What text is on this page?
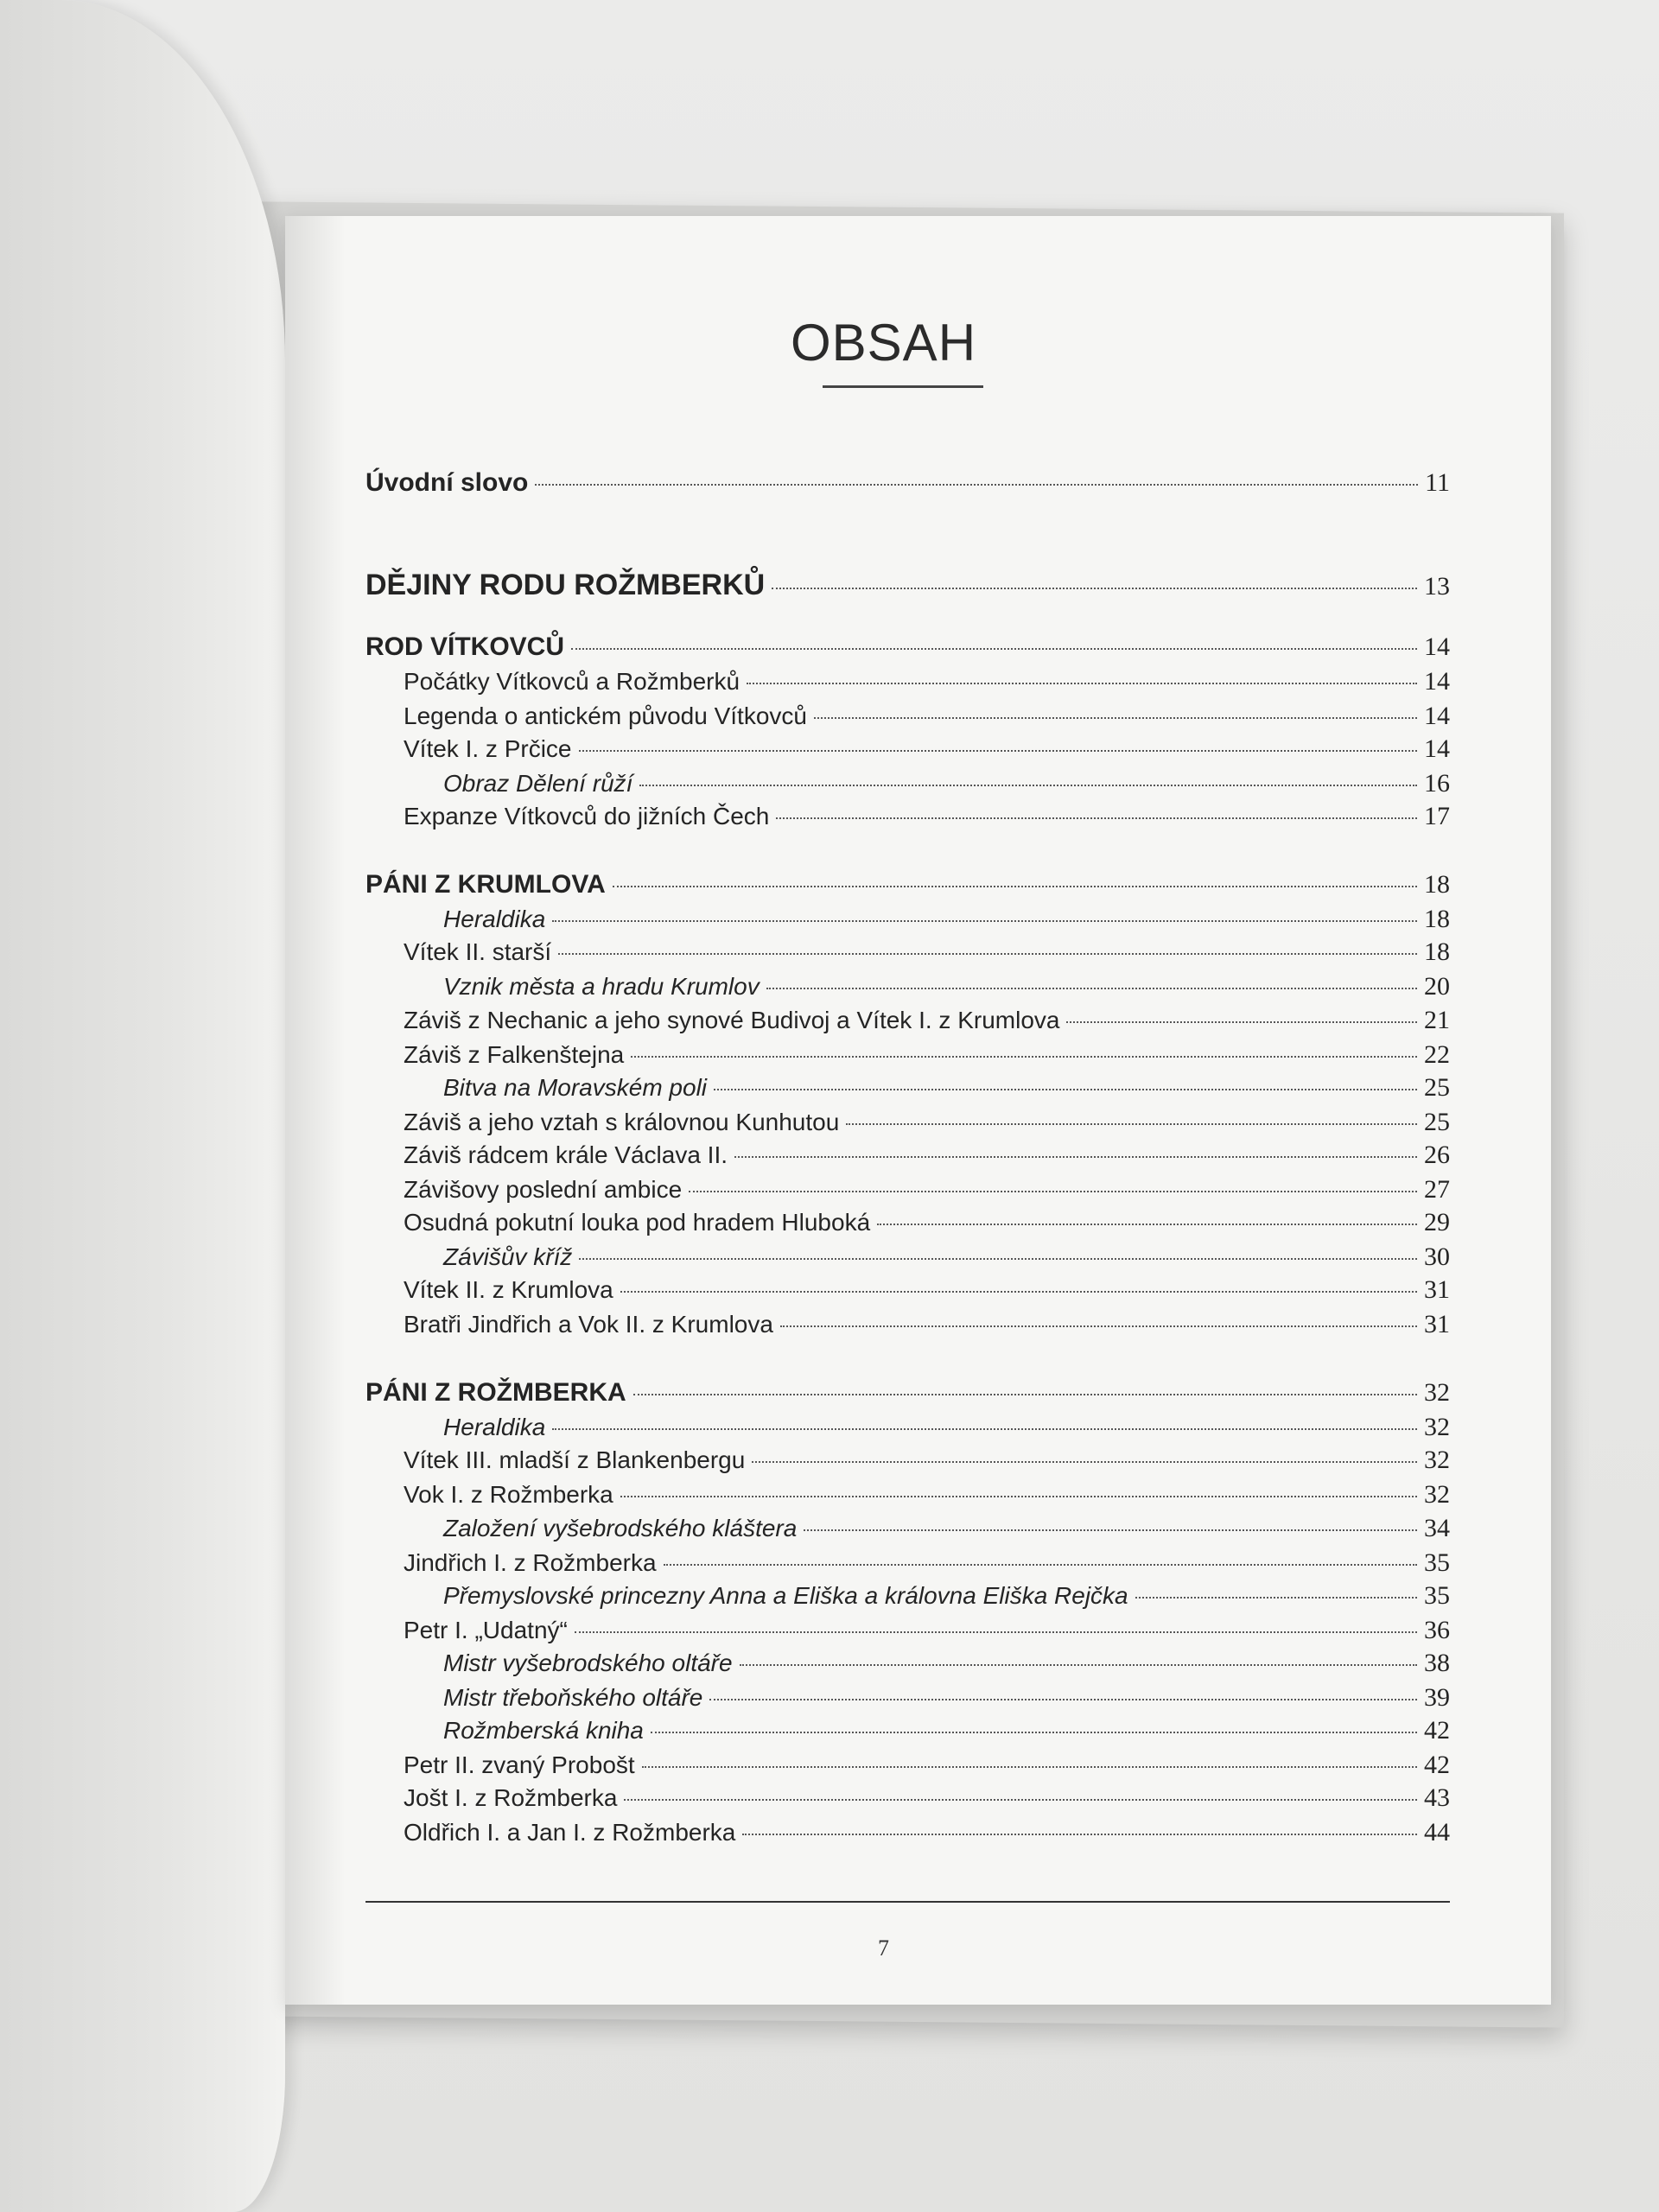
OBSAH
Úvodní slovo	11
DĚJINY RODU ROŽMBERKŮ	13
ROD VÍTKOVCŮ	14
Počátky Vítkovců a Rožmberků	14
Legenda o antickém původu Vítkovců	14
Vítek I. z Prčice	14
Obraz Dělení růží	16
Expanze Vítkovců do jižních Čech	17
PÁNI Z KRUMLOVA	18
Heraldika	18
Vítek II. starší	18
Vznik města a hradu Krumlov	20
Záviš z Nechanic a jeho synové Budivoj a Vítek I. z Krumlova	21
Záviš z Falkenštejna	22
Bitva na Moravském poli	25
Záviš a jeho vztah s královnou Kunhutou	25
Záviš rádcem krále Václava II.	26
Závišovy poslední ambice	27
Osudná pokutní louka pod hradem Hluboká	29
Závišův kříž	30
Vítek II. z Krumlova	31
Bratři Jindřich a Vok II. z Krumlova	31
PÁNI Z ROŽMBERKA	32
Heraldika	32
Vítek III. mladší z Blankenbergu	32
Vok I. z Rožmberka	32
Založení vyšebrodského kláštera	34
Jindřich I. z Rožmberka	35
Přemyslovské princezny Anna a Eliška a královna Eliška Rejčka	35
Petr I. „Udatný“	36
Mistr vyšebrodského oltáře	38
Mistr třeboňského oltáře	39
Rožmberská kniha	42
Petr II. zvaný Probošt	42
Jošt I. z Rožmberka	43
Oldřich I. a Jan I. z Rožmberka	44
7
